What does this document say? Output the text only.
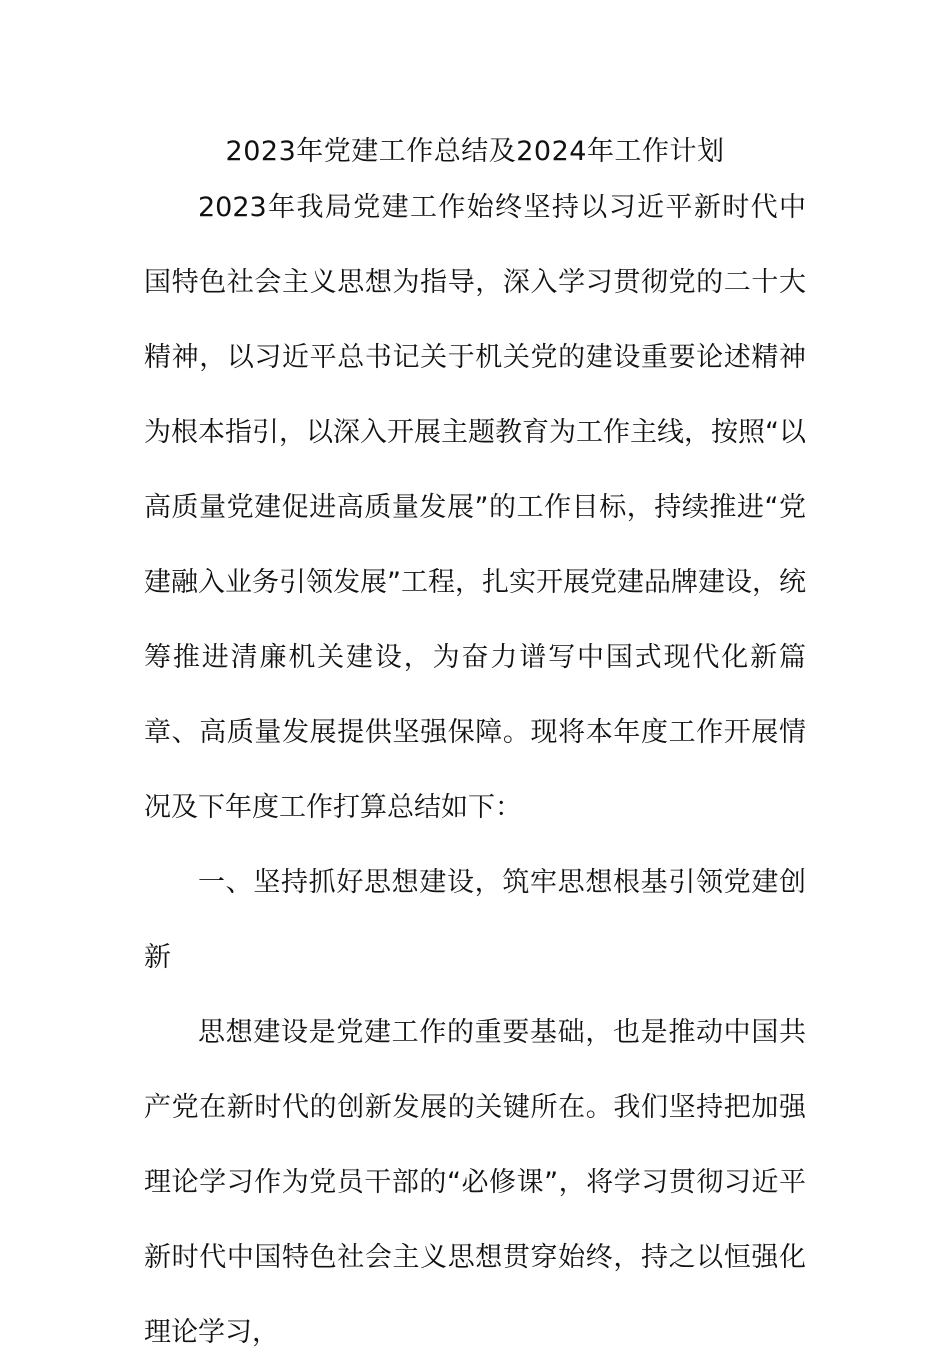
2023年党建工作总结及2024年工作计划

2023年我局党建工作始终坚持以习近平新时代中国特色社会主义思想为指导，深入学习贯彻党的二十大精神，以习近平总书记关于机关党的建设重要论述精神为根本指引，以深入开展主题教育为工作主线，按照“以高质量党建促进高质量发展”的工作目标，持续推进“党建融入业务引领发展”工程，扎实开展党建品牌建设，统筹推进清廉机关建设，为奋力谱写中国式现代化新篇章、高质量发展提供坚强保障。现将本年度工作开展情况及下年度工作打算总结如下：

一、坚持抓好思想建设，筑牢思想根基引领党建创新

思想建设是党建工作的重要基础，也是推动中国共产党在新时代的创新发展的关键所在。我们坚持把加强理论学习作为党员干部的“必修课”，将学习贯彻习近平新时代中国特色社会主义思想贯穿始终，持之以恒强化理论学习，
